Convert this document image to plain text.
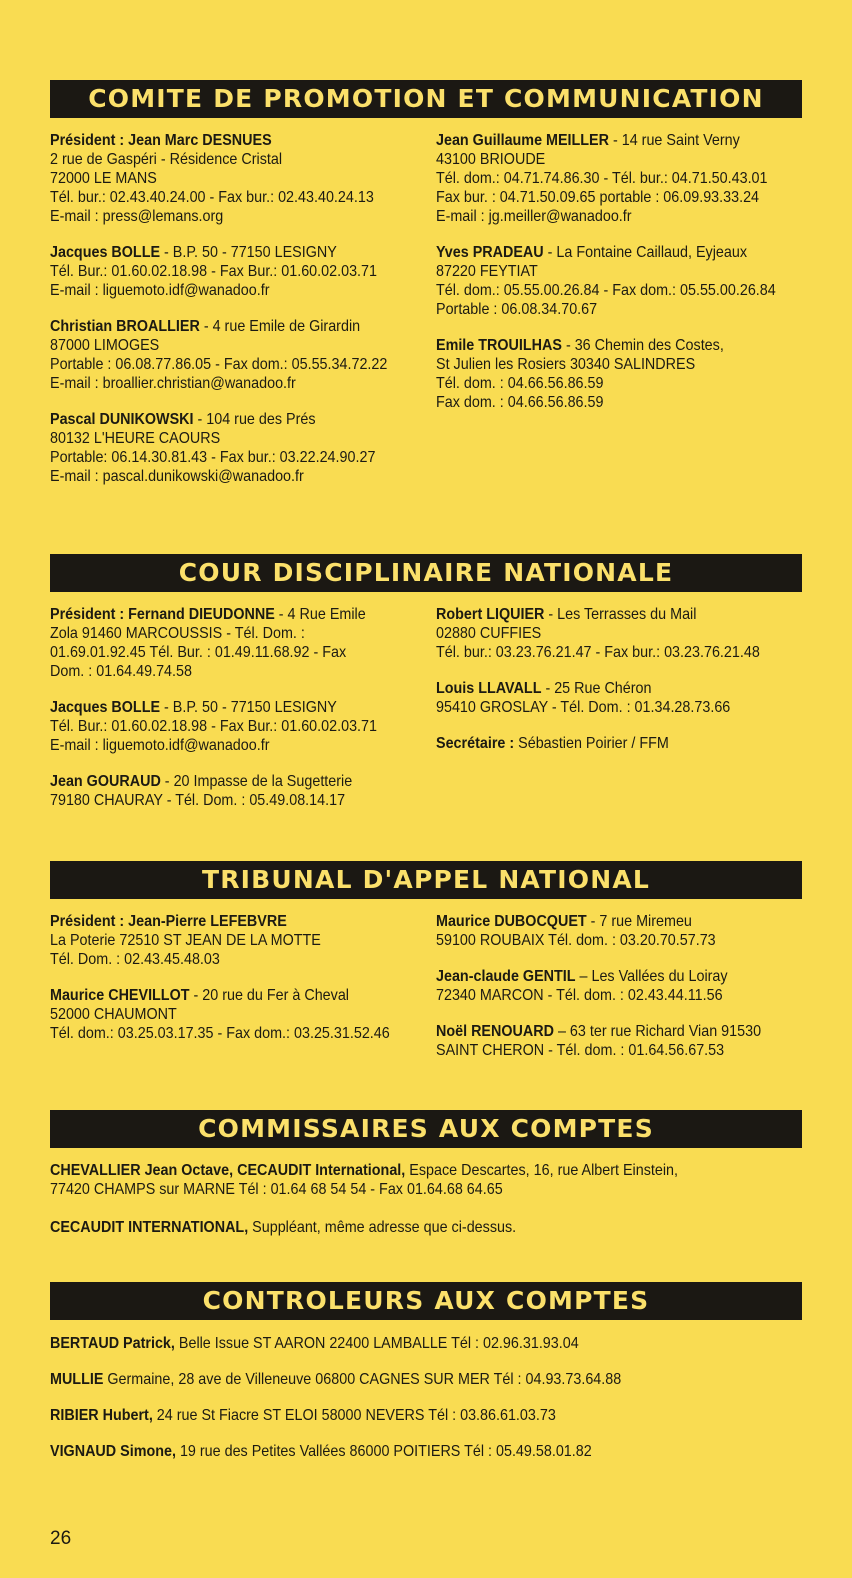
COMITE DE PROMOTION ET COMMUNICATION
Président : Jean Marc DESNUES
2 rue de Gaspéri - Résidence Cristal
72000 LE MANS
Tél. bur.: 02.43.40.24.00 - Fax bur.: 02.43.40.24.13
E-mail : press@lemans.org
Jacques BOLLE - B.P. 50 - 77150 LESIGNY
Tél. Bur.: 01.60.02.18.98 - Fax Bur.: 01.60.02.03.71
E-mail : liguemoto.idf@wanadoo.fr
Christian BROALLIER - 4 rue Emile de Girardin
87000 LIMOGES
Portable : 06.08.77.86.05 - Fax dom.: 05.55.34.72.22
E-mail : broallier.christian@wanadoo.fr
Pascal DUNIKOWSKI - 104 rue des Prés
80132 L'HEURE CAOURS
Portable: 06.14.30.81.43 - Fax bur.: 03.22.24.90.27
E-mail : pascal.dunikowski@wanadoo.fr
Jean Guillaume MEILLER - 14 rue Saint Verny
43100 BRIOUDE
Tél. dom.: 04.71.74.86.30 - Tél. bur.: 04.71.50.43.01
Fax bur. : 04.71.50.09.65 portable : 06.09.93.33.24
E-mail : jg.meiller@wanadoo.fr
Yves PRADEAU - La Fontaine Caillaud, Eyjeaux
87220 FEYTIAT
Tél. dom.: 05.55.00.26.84 - Fax dom.: 05.55.00.26.84
Portable : 06.08.34.70.67
Emile TROUILHAS - 36 Chemin des Costes,
St Julien les Rosiers 30340 SALINDRES
Tél. dom. : 04.66.56.86.59
Fax dom. : 04.66.56.86.59
COUR DISCIPLINAIRE NATIONALE
Président : Fernand DIEUDONNE - 4 Rue Emile
Zola 91460 MARCOUSSIS - Tél. Dom. :
01.69.01.92.45 Tél. Bur. : 01.49.11.68.92 - Fax
Dom. : 01.64.49.74.58
Jacques BOLLE - B.P. 50 - 77150 LESIGNY
Tél. Bur.: 01.60.02.18.98 - Fax Bur.: 01.60.02.03.71
E-mail : liguemoto.idf@wanadoo.fr
Jean GOURAUD - 20 Impasse de la Sugetterie
79180 CHAURAY - Tél. Dom. : 05.49.08.14.17
Robert LIQUIER - Les Terrasses du Mail
02880 CUFFIES
Tél. bur.: 03.23.76.21.47 - Fax bur.: 03.23.76.21.48
Louis LLAVALL - 25 Rue Chéron
95410 GROSLAY - Tél. Dom. : 01.34.28.73.66
Secrétaire : Sébastien Poirier / FFM
TRIBUNAL D'APPEL NATIONAL
Président : Jean-Pierre LEFEBVRE
La Poterie 72510 ST JEAN DE LA MOTTE
Tél. Dom. : 02.43.45.48.03
Maurice CHEVILLOT - 20 rue du Fer à Cheval
52000 CHAUMONT
Tél. dom.: 03.25.03.17.35 - Fax dom.: 03.25.31.52.46
Maurice DUBOCQUET - 7 rue Miremeu
59100 ROUBAIX Tél. dom. : 03.20.70.57.73
Jean-claude GENTIL – Les Vallées du Loiray
72340 MARCON - Tél. dom. : 02.43.44.11.56
Noël RENOUARD – 63 ter rue Richard Vian 91530
SAINT CHERON - Tél. dom. : 01.64.56.67.53
COMMISSAIRES AUX COMPTES
CHEVALLIER Jean Octave, CECAUDIT International, Espace Descartes, 16, rue Albert Einstein,
77420 CHAMPS sur MARNE Tél : 01.64 68 54 54 - Fax 01.64.68 64.65
CECAUDIT INTERNATIONAL, Suppléant, même adresse que ci-dessus.
CONTROLEURS AUX COMPTES
BERTAUD Patrick, Belle Issue ST AARON 22400 LAMBALLE Tél : 02.96.31.93.04
MULLIE Germaine, 28 ave de Villeneuve 06800 CAGNES SUR MER Tél : 04.93.73.64.88
RIBIER Hubert, 24 rue St Fiacre ST ELOI 58000 NEVERS Tél : 03.86.61.03.73
VIGNAUD Simone, 19 rue des Petites Vallées 86000 POITIERS Tél : 05.49.58.01.82
26
